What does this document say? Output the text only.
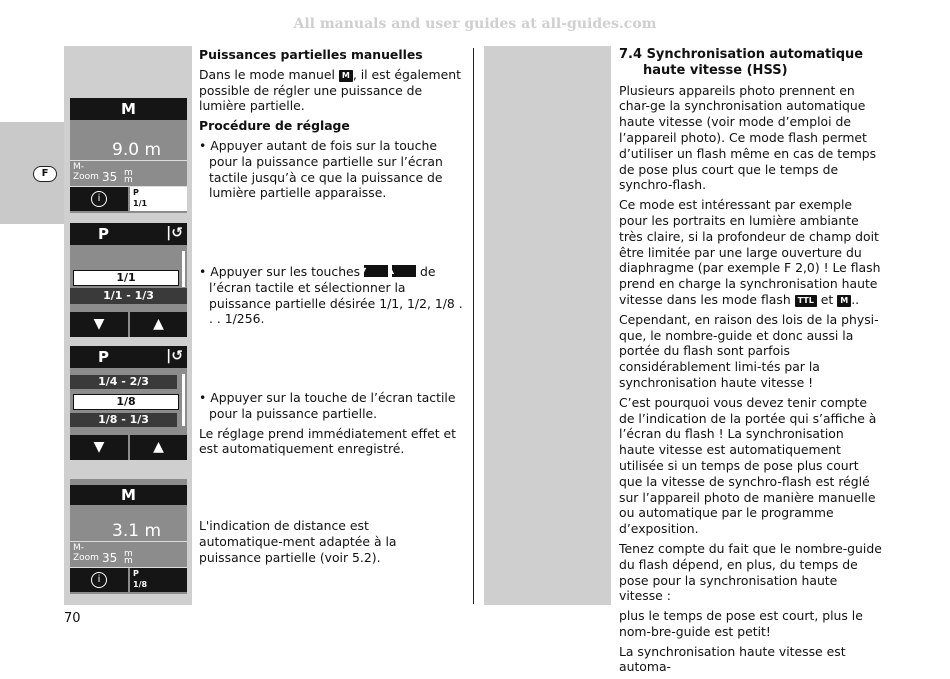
All manuals and user guides at all-guides.com
F
M
9.0 m
M-
Zoom 35 mm
i
P
1/1
P	|↺
1/1
1/1 - 1/3
▼	▲
P	|↺
1/4 - 2/3
1/8
1/8 - 1/3
▼	▲
M
3.1 m
M-
Zoom 35 mm
i
P
1/8

Puissances partielles manuelles

Dans le mode manuel M , il est également possible de régler une puissance de lumière partielle.

Procédure de réglage

• Appuyer autant de fois sur la touche pour la puissance partielle sur l’écran tactile jusqu’à ce que la puissance de lumière partielle apparaisse.

• Appuyer sur les touches ▼
	▲	de l’écran tactile et sélectionner la puissance partielle désirée 1/1, 1/2, 1/8 . . . 1/256.

• Appuyer sur la touche de l’écran tactile pour la puissance partielle.

Le réglage prend immédiatement effet et est automatiquement enregistré.

L'indication de distance est automatique-ment adaptée à la puissance partielle (voir 5.2).

7.4 Synchronisation automatique haute vitesse (HSS)

Plusieurs appareils photo prennent en char-ge la synchronisation automatique haute vitesse (voir mode d’emploi de l’appareil photo). Ce mode flash permet d’utiliser un flash même en cas de temps de pose plus court que le temps de synchro-flash.

Ce mode est intéressant par exemple pour les portraits en lumière ambiante très claire, si la profondeur de champ doit être limitée par une large ouverture du diaphragme (par exemple F 2,0) ! Le flash prend en charge la synchronisation haute vitesse dans les mode flash TTL et M ..

Cependant, en raison des lois de la physi-que, le nombre-guide et donc aussi la portée du flash sont parfois considérablement limi-tés par la synchronisation haute vitesse !

C’est pourquoi vous devez tenir compte de l’indication de la portée qui s’affiche à l’écran du flash ! La synchronisation haute vitesse est automatiquement utilisée si un temps de pose plus court que la vitesse de synchro-flash est réglé sur l’appareil photo de manière manuelle ou automatique par le programme d’exposition.

Tenez compte du fait que le nombre-guide du flash dépend, en plus, du temps de pose pour la synchronisation haute vitesse :

plus le temps de pose est court, plus le nom-bre-guide est petit!

La synchronisation haute vitesse est automa-

70
